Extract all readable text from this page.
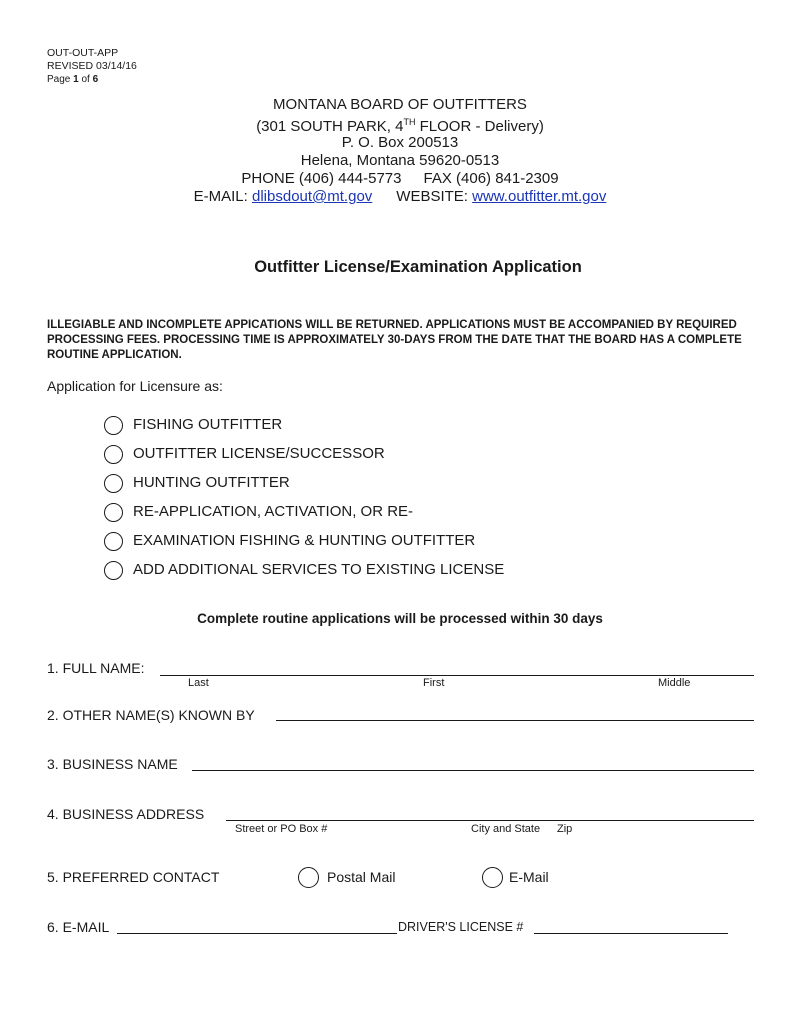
OUT-OUT-APP
REVISED 03/14/16
Page 1 of 6
MONTANA BOARD OF OUTFITTERS
(301 SOUTH PARK, 4TH FLOOR - Delivery)
P. O. Box 200513
Helena, Montana 59620-0513
PHONE (406) 444-5773 FAX (406) 841-2309
E-MAIL: dlibsdout@mt.gov WEBSITE: www.outfitter.mt.gov
Outfitter License/Examination Application
ILLEGIABLE AND INCOMPLETE APPICATIONS WILL BE RETURNED. APPLICATIONS MUST BE ACCOMPANIED BY REQUIRED PROCESSING FEES. PROCESSING TIME IS APPROXIMATELY 30-DAYS FROM THE DATE THAT THE BOARD HAS A COMPLETE ROUTINE APPLICATION.
Application for Licensure as:
FISHING OUTFITTER
OUTFITTER LICENSE/SUCCESSOR
HUNTING OUTFITTER
RE-APPLICATION, ACTIVATION, OR RE-
EXAMINATION FISHING & HUNTING OUTFITTER
ADD ADDITIONAL SERVICES TO EXISTING LICENSE
Complete routine applications will be processed within 30 days
1. FULL NAME:
Last	First	Middle
2. OTHER NAME(S) KNOWN BY
3. BUSINESS NAME
4. BUSINESS ADDRESS
Street or PO Box #	City and State Zip
5. PREFERRED CONTACT	Postal Mail	E-Mail
6. E-MAIL	DRIVER'S LICENSE #
